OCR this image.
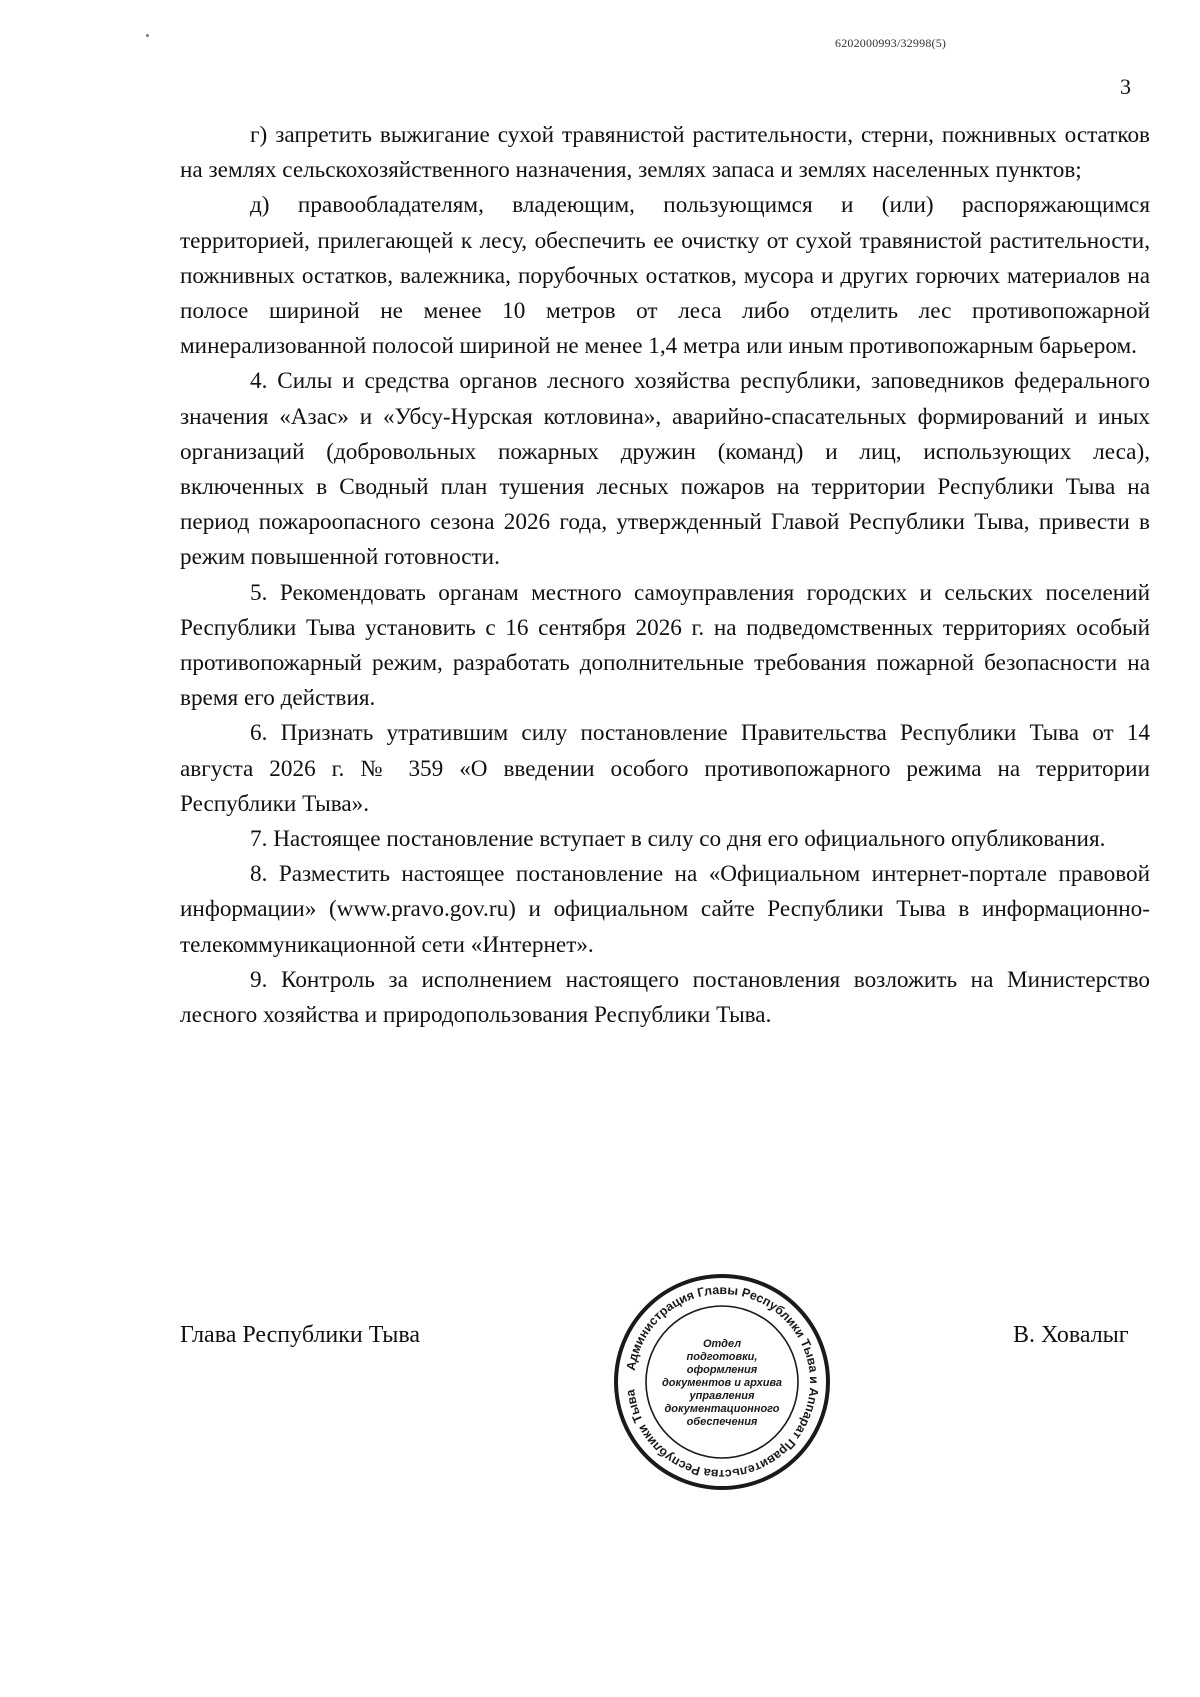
6202000993/32998(5)
3

г) запретить выжигание сухой травянистой растительности, стерни, пожнивных остатков на землях сельскохозяйственного назначения, землях запаса и землях населенных пунктов;

д) правообладателям, владеющим, пользующимся и (или) распоряжающимся территорией, прилегающей к лесу, обеспечить ее очистку от сухой травянистой растительности, пожнивных остатков, валежника, порубочных остатков, мусора и других горючих материалов на полосе шириной не менее 10 метров от леса либо отделить лес противопожарной минерализованной полосой шириной не менее 1,4 метра или иным противопожарным барьером.

4. Силы и средства органов лесного хозяйства республики, заповедников федерального значения «Азас» и «Убсу-Нурская котловина», аварийно-спасательных формирований и иных организаций (добровольных пожарных дружин (команд) и лиц, использующих леса), включенных в Сводный план тушения лесных пожаров на территории Республики Тыва на период пожароопасного сезона 2026 года, утвержденный Главой Республики Тыва, привести в режим повышенной готовности.

5. Рекомендовать органам местного самоуправления городских и сельских поселений Республики Тыва установить с 16 сентября 2026 г. на подведомственных территориях особый противопожарный режим, разработать дополнительные требования пожарной безопасности на время его действия.

6. Признать утратившим силу постановление Правительства Республики Тыва от 14 августа 2026 г. № 359 «О введении особого противопожарного режима на территории Республики Тыва».

7. Настоящее постановление вступает в силу со дня его официального опубликования.

8. Разместить настоящее постановление на «Официальном интернет-портале правовой информации» (www.pravo.gov.ru) и официальном сайте Республики Тыва в информационно-телекоммуникационной сети «Интернет».

9. Контроль за исполнением настоящего постановления возложить на Министерство лесного хозяйства и природопользования Республики Тыва.

Глава Республики Тыва	В. Ховалыг
Администрация Главы Республики Тыва и Аппарат Правительства Республики Тыва
Отдел
подготовки,
оформления
документов и архива
управления
документационного
обеспечения
